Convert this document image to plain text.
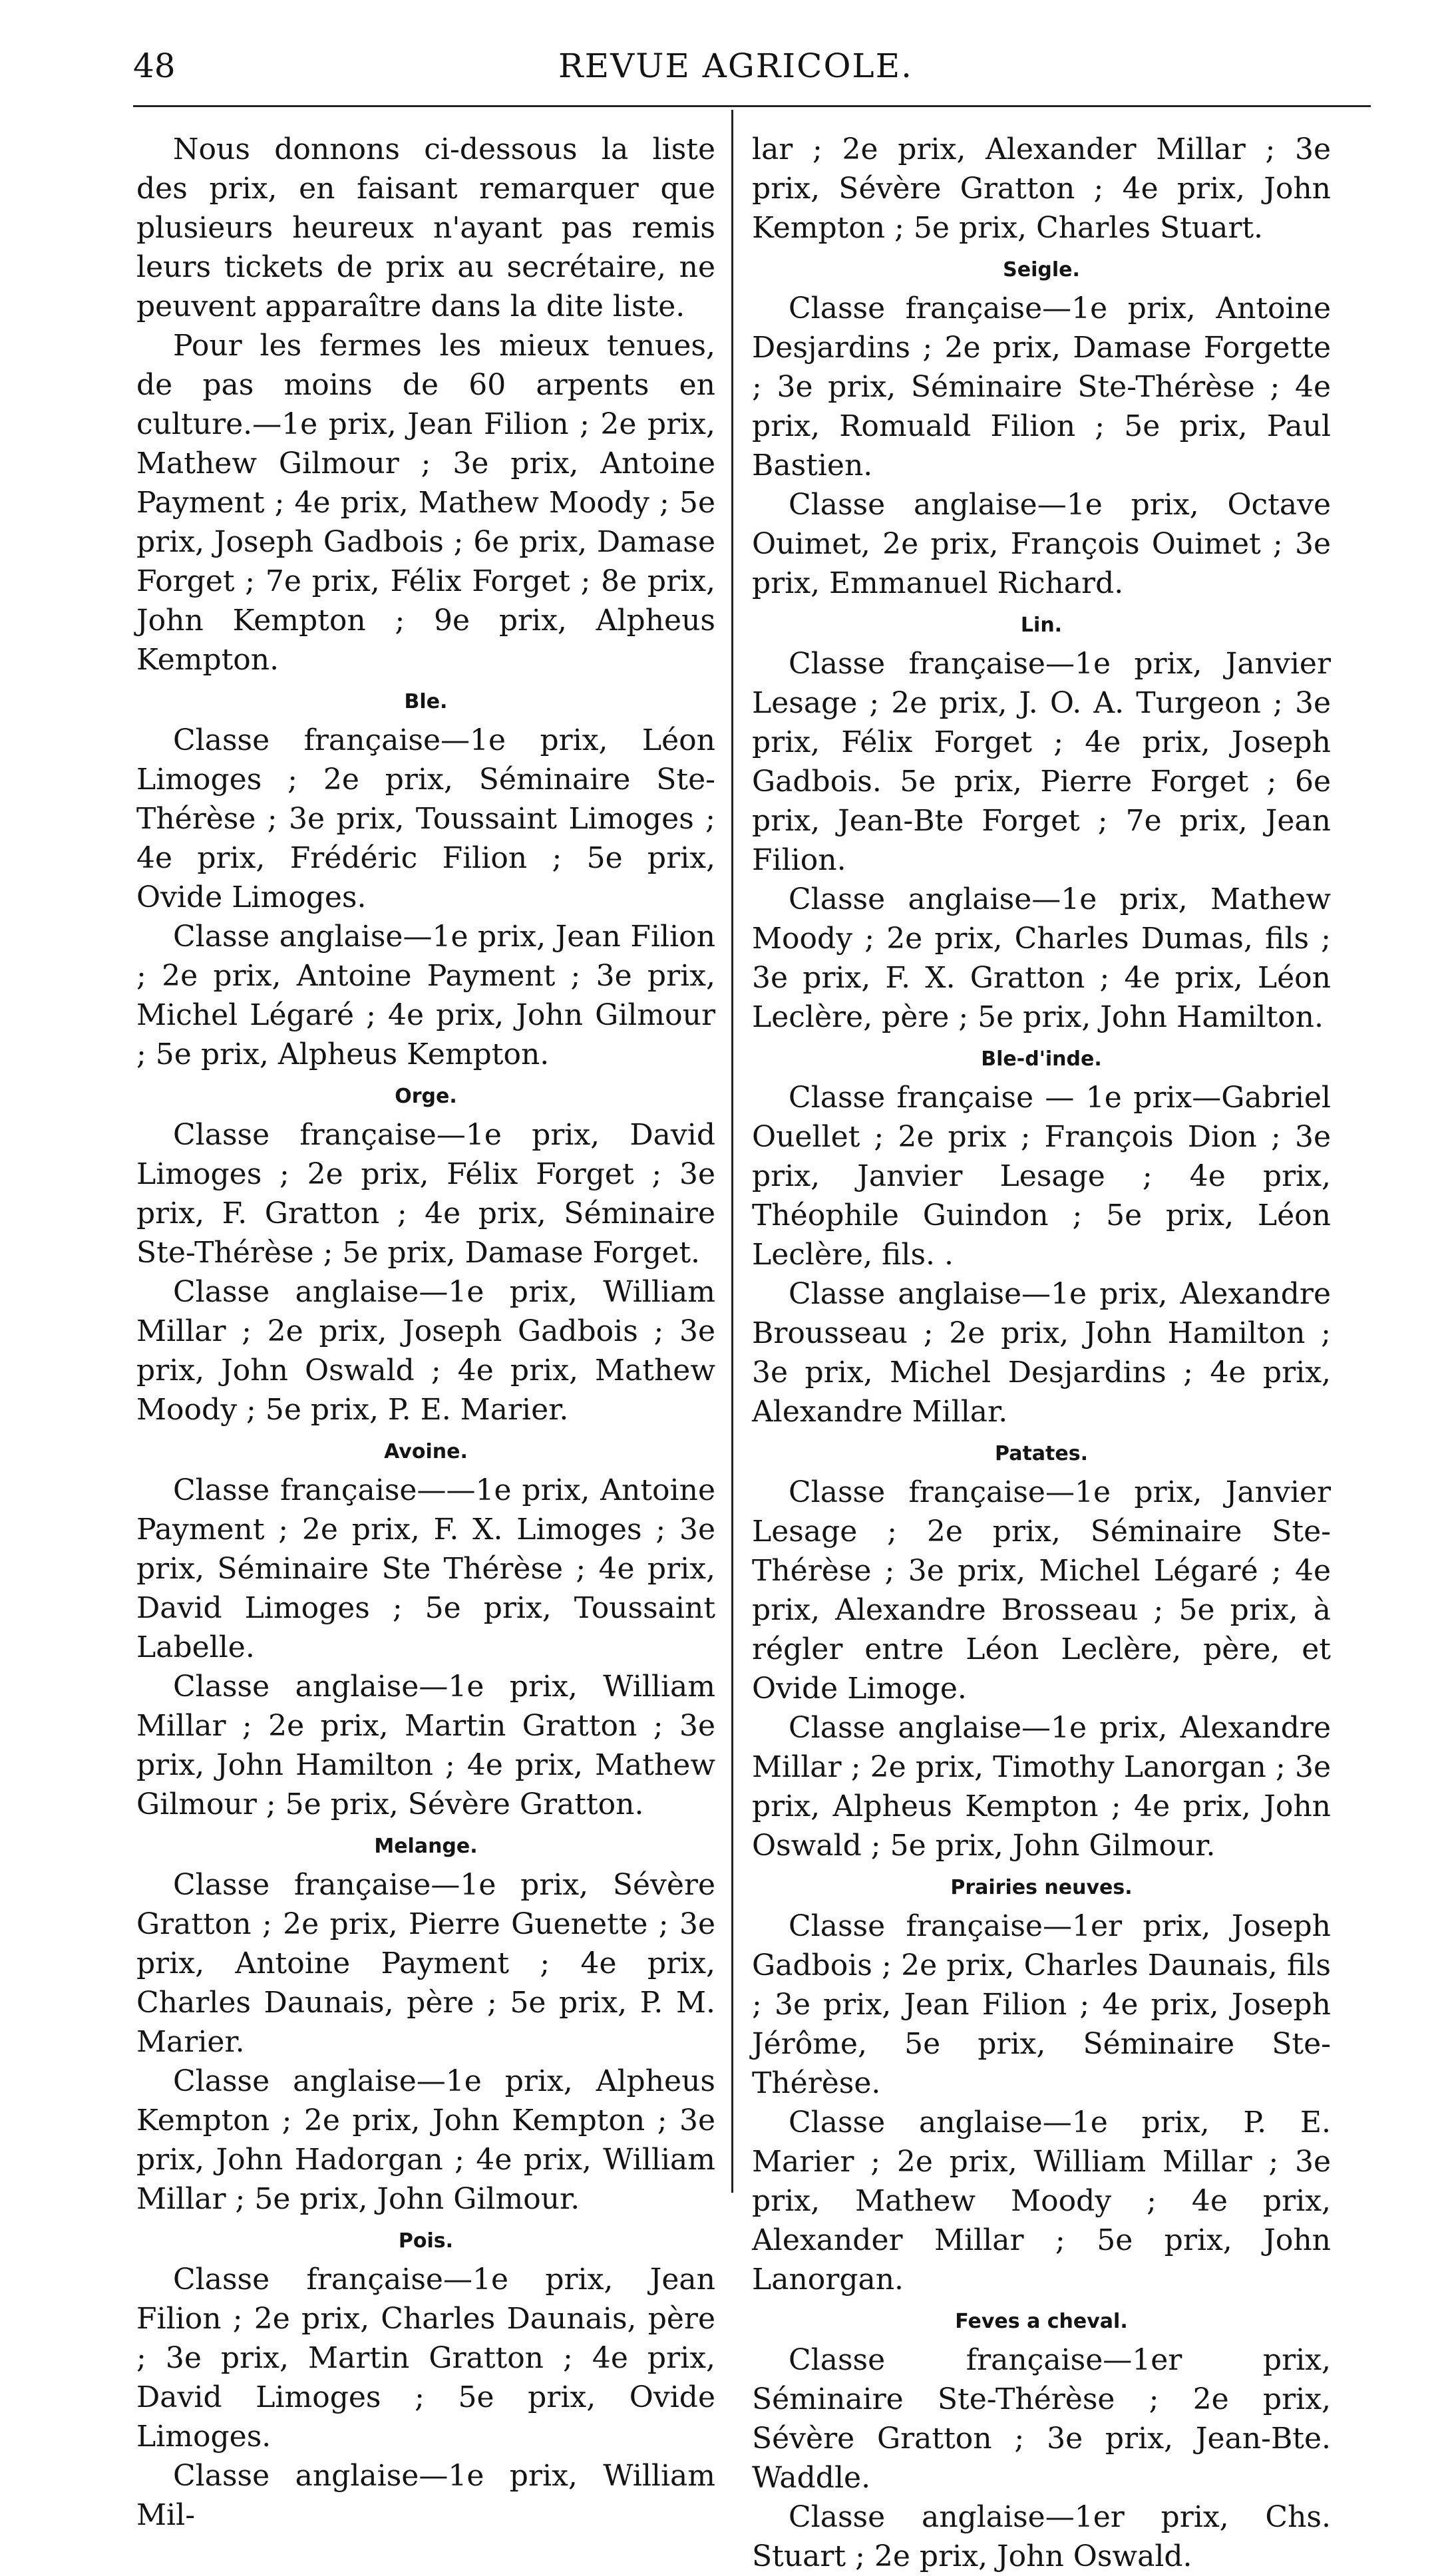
48	REVUE AGRICOLE.

Nous donnons ci-dessous la liste des prix, en faisant remarquer que plusieurs heureux n'ayant pas remis leurs tickets de prix au secrétaire, ne peuvent apparaître dans la dite liste.

Pour les fermes les mieux tenues, de pas moins de 60 arpents en culture.—1e prix, Jean Filion ; 2e prix, Mathew Gilmour ; 3e prix, Antoine Payment ; 4e prix, Mathew Moody ; 5e prix, Joseph Gadbois ; 6e prix, Damase Forget ; 7e prix, Félix Forget ; 8e prix, John Kempton ; 9e prix, Alpheus Kempton.

Ble.

Classe française—1e prix, Léon Limoges ; 2e prix, Séminaire Ste-Thérèse ; 3e prix, Toussaint Limoges ; 4e prix, Frédéric Filion ; 5e prix, Ovide Limoges.

Classe anglaise—1e prix, Jean Filion ; 2e prix, Antoine Payment ; 3e prix, Michel Légaré ; 4e prix, John Gilmour ; 5e prix, Alpheus Kempton.

Orge.

Classe française—1e prix, David Limoges ; 2e prix, Félix Forget ; 3e prix, F. Gratton ; 4e prix, Séminaire Ste-Thérèse ; 5e prix, Damase Forget.

Classe anglaise—1e prix, William Millar ; 2e prix, Joseph Gadbois ; 3e prix, John Oswald ; 4e prix, Mathew Moody ; 5e prix, P. E. Marier.

Avoine.

Classe française——1e prix, Antoine Payment ; 2e prix, F. X. Limoges ; 3e prix, Séminaire Ste Thérèse ; 4e prix, David Limoges ; 5e prix, Toussaint Labelle.

Classe anglaise—1e prix, William Millar ; 2e prix, Martin Gratton ; 3e prix, John Hamilton ; 4e prix, Mathew Gilmour ; 5e prix, Sévère Gratton.

Melange.

Classe française—1e prix, Sévère Gratton ; 2e prix, Pierre Guenette ; 3e prix, Antoine Payment ; 4e prix, Charles Daunais, père ; 5e prix, P. M. Marier.

Classe anglaise—1e prix, Alpheus Kempton ; 2e prix, John Kempton ; 3e prix, John Hadorgan ; 4e prix, William Millar ; 5e prix, John Gilmour.

Pois.

Classe française—1e prix, Jean Filion ; 2e prix, Charles Daunais, père ; 3e prix, Martin Gratton ; 4e prix, David Limoges ; 5e prix, Ovide Limoges.

Classe anglaise—1e prix, William Mil-

lar ; 2e prix, Alexander Millar ; 3e prix, Sévère Gratton ; 4e prix, John Kempton ; 5e prix, Charles Stuart.

Seigle.

Classe française—1e prix, Antoine Desjardins ; 2e prix, Damase Forgette ; 3e prix, Séminaire Ste-Thérèse ; 4e prix, Romuald Filion ; 5e prix, Paul Bastien.

Classe anglaise—1e prix, Octave Ouimet, 2e prix, François Ouimet ; 3e prix, Emmanuel Richard.

Lin.

Classe française—1e prix, Janvier Lesage ; 2e prix, J. O. A. Turgeon ; 3e prix, Félix Forget ; 4e prix, Joseph Gadbois. 5e prix, Pierre Forget ; 6e prix, Jean-Bte Forget ; 7e prix, Jean Filion.

Classe anglaise—1e prix, Mathew Moody ; 2e prix, Charles Dumas, fils ; 3e prix, F. X. Gratton ; 4e prix, Léon Leclère, père ; 5e prix, John Hamilton.

Ble-d'inde.

Classe française — 1e prix—Gabriel Ouellet ; 2e prix ; François Dion ; 3e prix, Janvier Lesage ; 4e prix, Théophile Guindon ; 5e prix, Léon Leclère, fils. .

Classe anglaise—1e prix, Alexandre Brousseau ; 2e prix, John Hamilton ; 3e prix, Michel Desjardins ; 4e prix, Alexandre Millar.

Patates.

Classe française—1e prix, Janvier Lesage ; 2e prix, Séminaire Ste-Thérèse ; 3e prix, Michel Légaré ; 4e prix, Alexandre Brosseau ; 5e prix, à régler entre Léon Leclère, père, et Ovide Limoge.

Classe anglaise—1e prix, Alexandre Millar ; 2e prix, Timothy Lanorgan ; 3e prix, Alpheus Kempton ; 4e prix, John Oswald ; 5e prix, John Gilmour.

Prairies neuves.

Classe française—1er prix, Joseph Gadbois ; 2e prix, Charles Daunais, fils ; 3e prix, Jean Filion ; 4e prix, Joseph Jérôme, 5e prix, Séminaire Ste-Thérèse.

Classe anglaise—1e prix, P. E. Marier ; 2e prix, William Millar ; 3e prix, Mathew Moody ; 4e prix, Alexander Millar ; 5e prix, John Lanorgan.

Feves a cheval.

Classe française—1er prix, Séminaire Ste-Thérèse ; 2e prix, Sévère Gratton ; 3e prix, Jean-Bte. Waddle.

Classe anglaise—1er prix, Chs. Stuart ; 2e prix, John Oswald.
